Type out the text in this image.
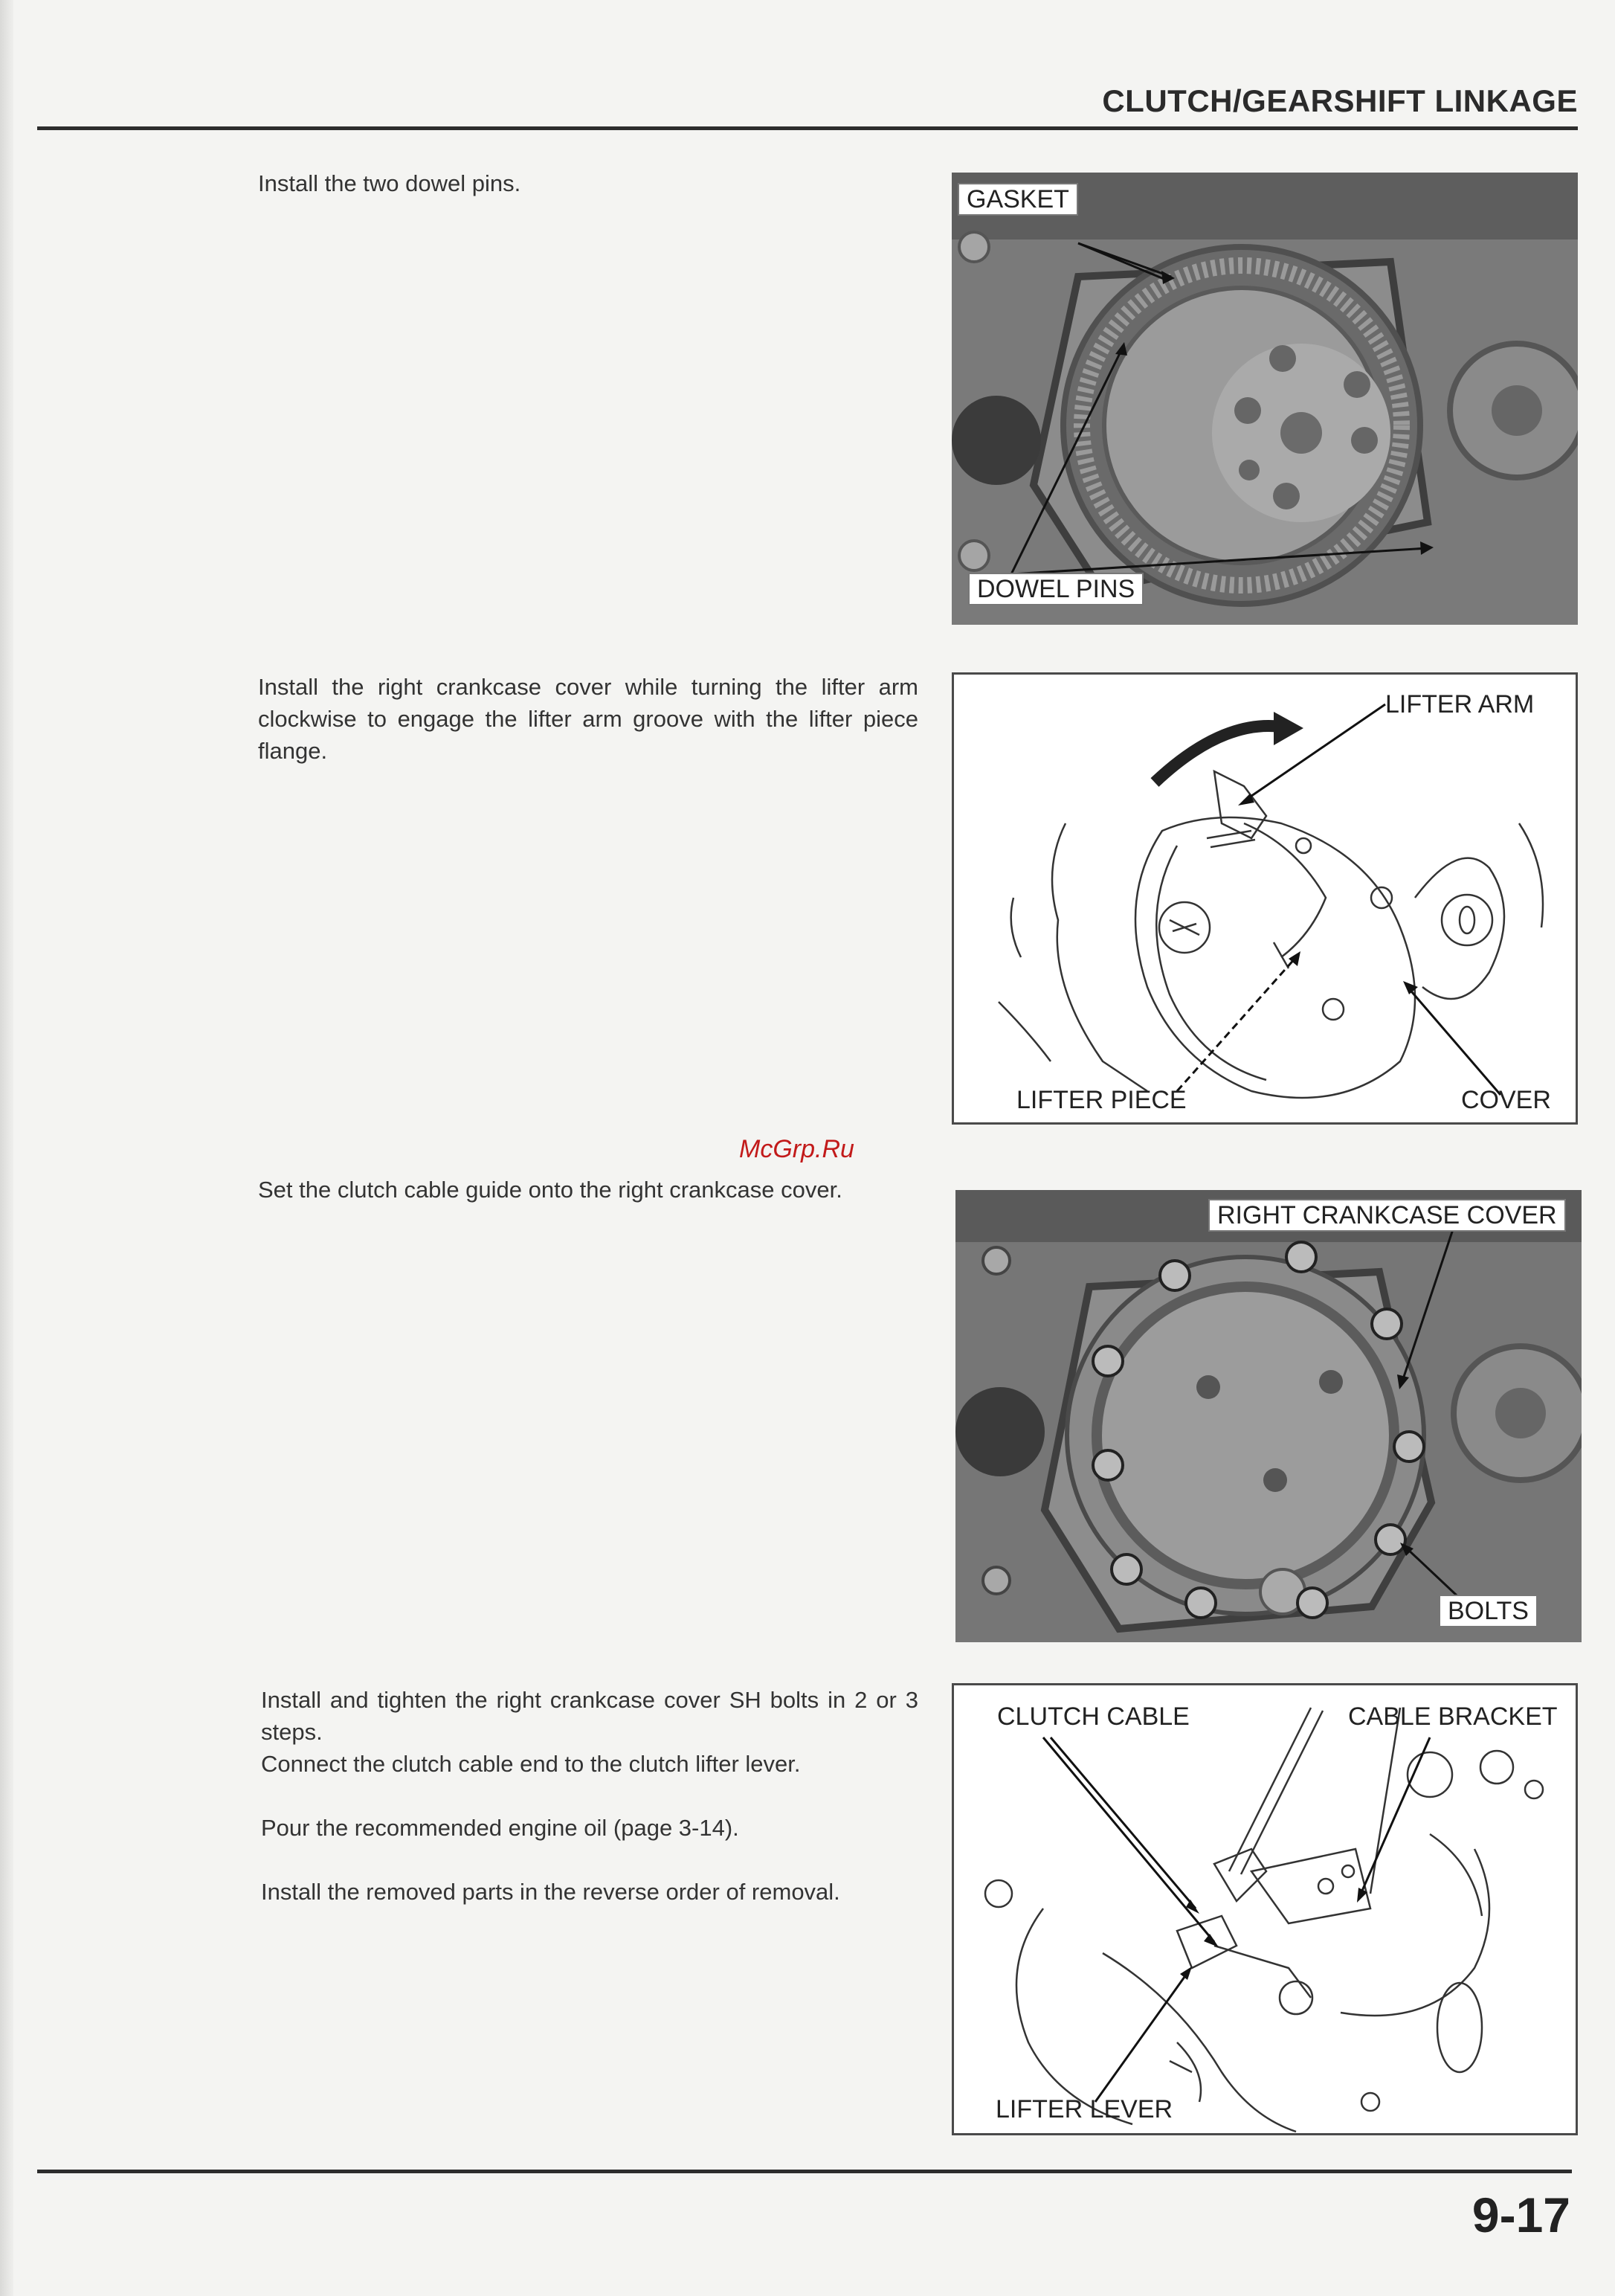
CLUTCH/GEARSHIFT LINKAGE

Install the two dowel pins.

GASKET
DOWEL PINS

Install the right crankcase cover while turning the lifter arm clockwise to engage the lifter arm groove with the lifter piece flange.

LIFTER ARM
LIFTER PIECE	COVER
McGrp.Ru

Set the clutch cable guide onto the right crankcase cover.

RIGHT CRANKCASE COVER
BOLTS

Install and tighten the right crankcase cover SH bolts in 2 or 3 steps.

Connect the clutch cable end to the clutch lifter lever.

Pour the recommended engine oil (page 3-14).

Install the removed parts in the reverse order of removal.

CLUTCH CABLE	CABLE BRACKET
LIFTER LEVER
9-17
